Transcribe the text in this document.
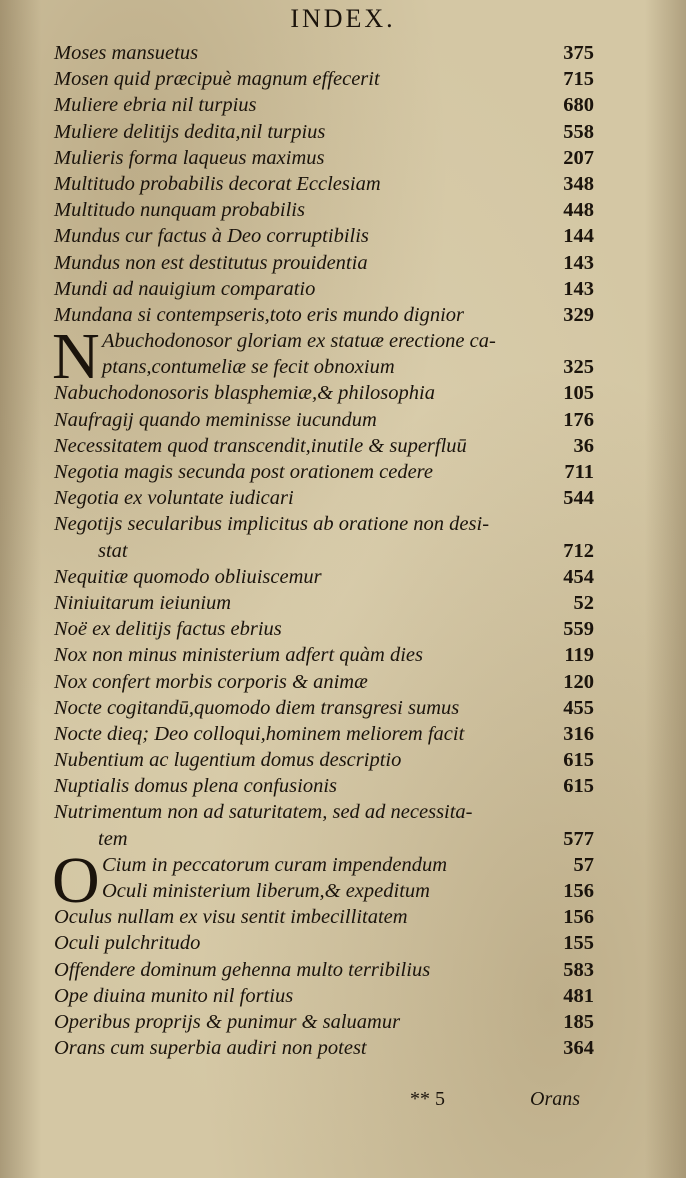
INDEX.
Moses mansuetus	375
Mosen quid præcipuè magnum effecerit	715
Muliere ebria nil turpius	680
Muliere delitijs dedita,nil turpius	558
Mulieris forma laqueus maximus	207
Multitudo probabilis decorat Ecclesiam	348
Multitudo nunquam probabilis	448
Mundus cur factus à Deo corruptibilis	144
Mundus non est destitutus prouidentia	143
Mundi ad nauigium comparatio	143
Mundana si contempseris,toto eris mundo dignior	329
N Abuchodonosor gloriam ex statuæ erectione ca-
ptans,contumeliæ se fecit obnoxium	325
Nabuchodonosoris blasphemiæ,& philosophia	105
Naufragij quando meminisse iucundum	176
Necessitatem quod transcendit,inutile & superfluū	36
Negotia magis secunda post orationem cedere	711
Negotia ex voluntate iudicari	544
Negotijs secularibus implicitus ab oratione non desi-
stat	712
Nequitiæ quomodo obliuiscemur	454
Niniuitarum ieiunium	52
Noë ex delitijs factus ebrius	559
Nox non minus ministerium adfert quàm dies	119
Nox confert morbis corporis & animæ	120
Nocte cogitandū,quomodo diem transgresi sumus	455
Nocte dieq; Deo colloqui,hominem meliorem facit	316
Nubentium ac lugentium domus descriptio	615
Nuptialis domus plena confusionis	615
Nutrimentum non ad saturitatem, sed ad necessita-
tem	577
O Cium in peccatorum curam impendendum	57
Oculi ministerium liberum,& expeditum	156
Oculus nullam ex visu sentit imbecillitatem	156
Oculi pulchritudo	155
Offendere dominum gehenna multo terribilius	583
Ope diuina munito nil fortius	481
Operibus proprijs & punimur & saluamur	185
Orans cum superbia audiri non potest	364
** 5	Orans
